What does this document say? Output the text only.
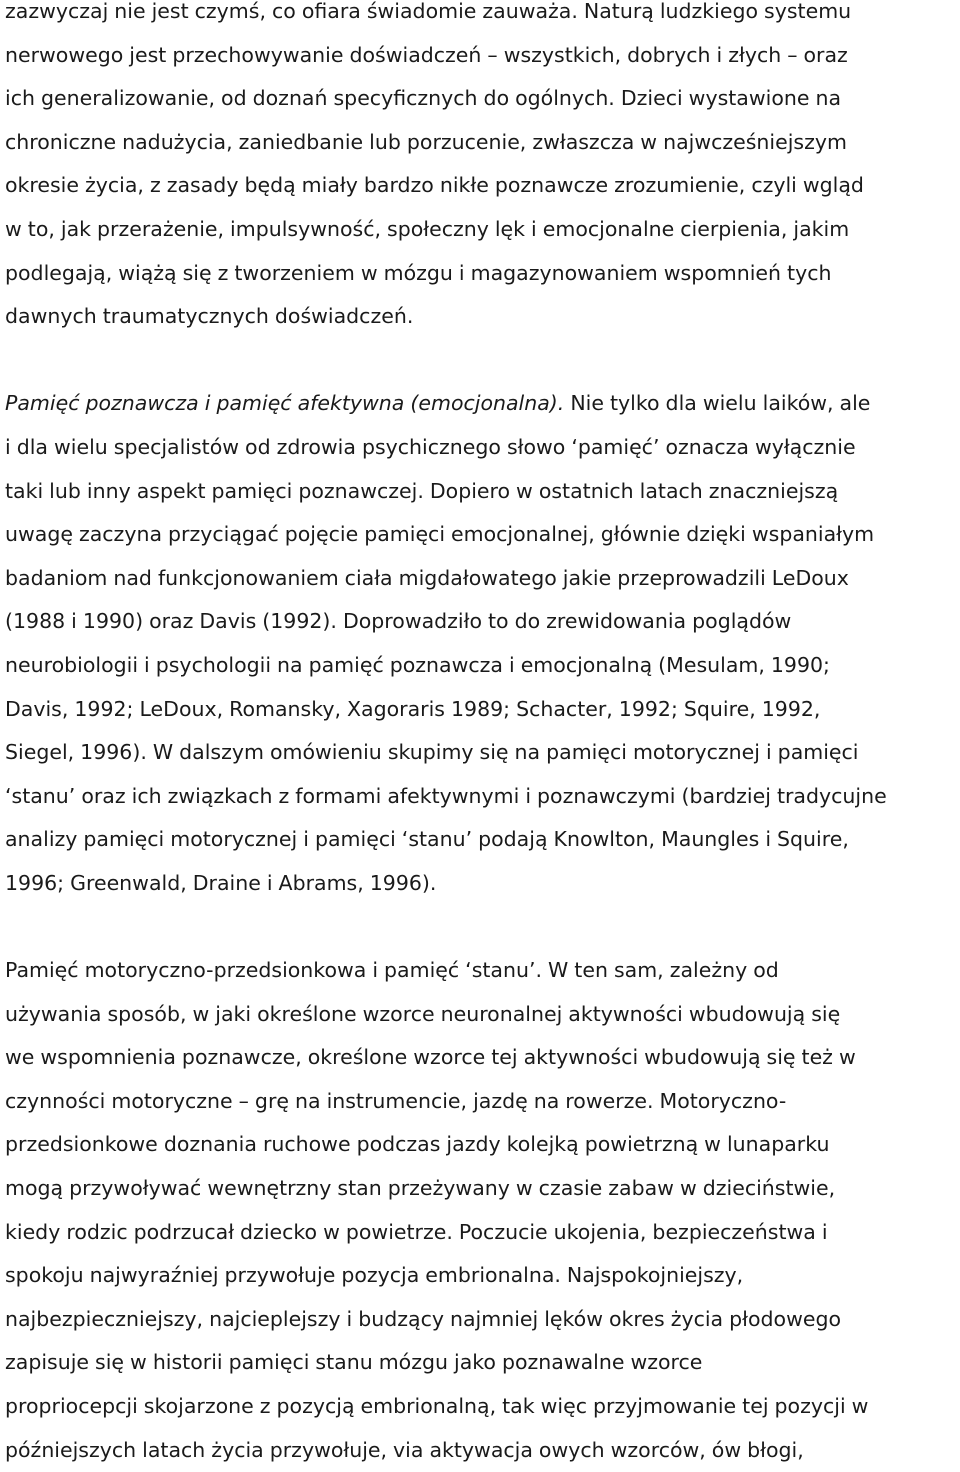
zazwyczaj nie jest czymś, co ofiara świadomie zauważa. Naturą ludzkiego systemu
nerwowego jest przechowywanie doświadczeń – wszystkich, dobrych i złych – oraz
ich generalizowanie, od doznań specyficznych do ogólnych. Dzieci wystawione na
chroniczne nadużycia, zaniedbanie lub porzucenie, zwłaszcza w najwcześniejszym
okresie życia, z zasady będą miały bardzo nikłe poznawcze zrozumienie, czyli wgląd
w to, jak przerażenie, impulsywność, społeczny lęk i emocjonalne cierpienia, jakim
podlegają, wiążą się z tworzeniem w mózgu i magazynowaniem wspomnień tych
dawnych traumatycznych doświadczeń.
Pamięć poznawcza i pamięć afektywna (emocjonalna). Nie tylko dla wielu laików, ale
i dla wielu specjalistów od zdrowia psychicznego słowo ‘pamięć’ oznacza wyłącznie
taki lub inny aspekt pamięci poznawczej. Dopiero w ostatnich latach znaczniejszą
uwagę zaczyna przyciągać pojęcie pamięci emocjonalnej, głównie dzięki wspaniałym
badaniom nad funkcjonowaniem ciała migdałowatego jakie przeprowadzili LeDoux
(1988 i 1990) oraz Davis (1992). Doprowadziło to do zrewidowania poglądów
neurobiologii i psychologii na pamięć poznawcza i emocjonalną (Mesulam, 1990;
Davis, 1992; LeDoux, Romansky, Xagoraris 1989; Schacter, 1992; Squire, 1992,
Siegel, 1996). W dalszym omówieniu skupimy się na pamięci motorycznej i pamięci
‘stanu’ oraz ich związkach z formami afektywnymi i poznawczymi (bardziej tradycujne
analizy pamięci motorycznej i pamięci ‘stanu’ podają Knowlton, Maungles i Squire,
1996; Greenwald, Draine i Abrams, 1996).
Pamięć motoryczno-przedsionkowa i pamięć ‘stanu’. W ten sam, zależny od
używania sposób, w jaki określone wzorce neuronalnej aktywności wbudowują się
we wspomnienia poznawcze, określone wzorce tej aktywności wbudowują się też w
czynności motoryczne – grę na instrumencie, jazdę na rowerze. Motoryczno-
przedsionkowe doznania ruchowe podczas jazdy kolejką powietrzną w lunaparku
mogą przywoływać wewnętrzny stan przeżywany w czasie zabaw w dzieciństwie,
kiedy rodzic podrzucał dziecko w powietrze. Poczucie ukojenia, bezpieczeństwa i
spokoju najwyraźniej przywołuje pozycja embrionalna. Najspokojniejszy,
najbezpieczniejszy, najcieplejszy i budzący najmniej lęków okres życia płodowego
zapisuje się w historii pamięci stanu mózgu jako poznawalne wzorce
propriocepcji skojarzone z pozycją embrionalną, tak więc przyjmowanie tej pozycji w
późniejszych latach życia przywołuje, via aktywacja owych wzorców, ów błogi,
